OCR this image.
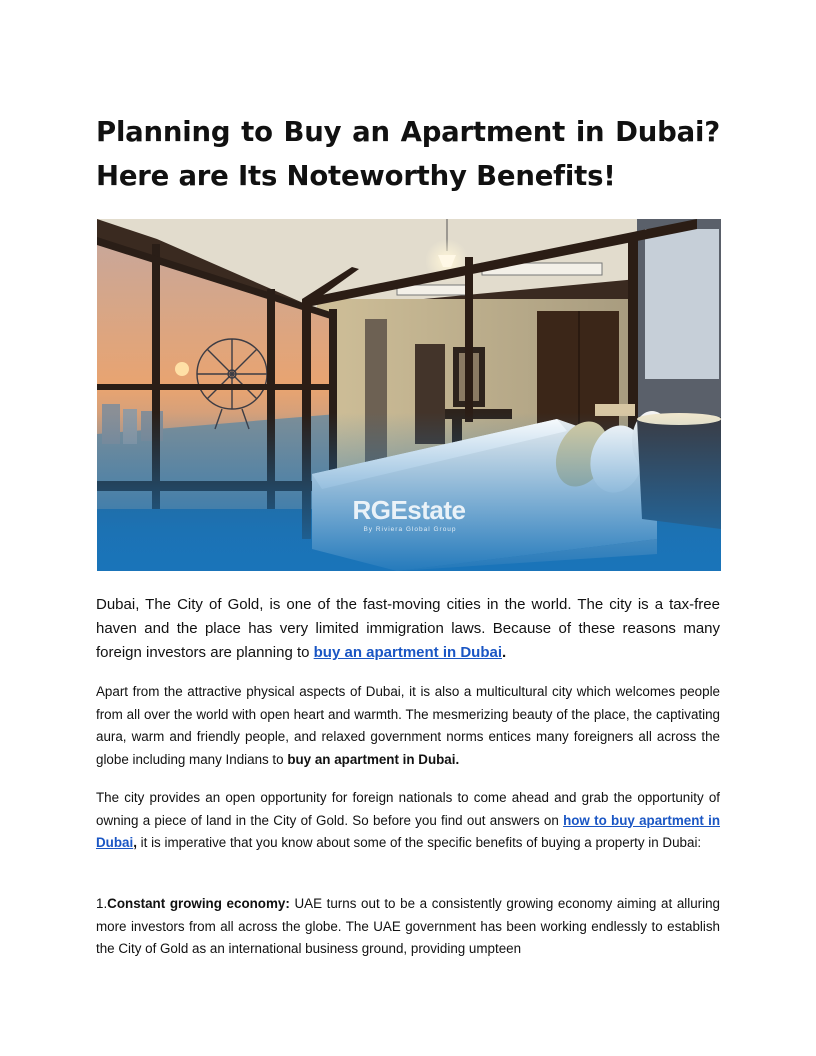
Planning to Buy an Apartment in Dubai? Here are Its Noteworthy Benefits!
RGEstate
By Riviera Global Group

Dubai, The City of Gold, is one of the fast-moving cities in the world. The city is a tax-free haven and the place has very limited immigration laws. Because of these reasons many foreign investors are planning to buy an apartment in Dubai.

Apart from the attractive physical aspects of Dubai, it is also a multicultural city which welcomes people from all over the world with open heart and warmth. The mesmerizing beauty of the place, the captivating aura, warm and friendly people, and relaxed government norms entices many foreigners all across the globe including many Indians to buy an apartment in Dubai.

The city provides an open opportunity for foreign nationals to come ahead and grab the opportunity of owning a piece of land in the City of Gold. So before you find out answers on how to buy apartment in Dubai, it is imperative that you know about some of the specific benefits of buying a property in Dubai:

1.Constant growing economy: UAE turns out to be a consistently growing economy aiming at alluring more investors from all across the globe. The UAE government has been working endlessly to establish the City of Gold as an international business ground, providing umpteen
